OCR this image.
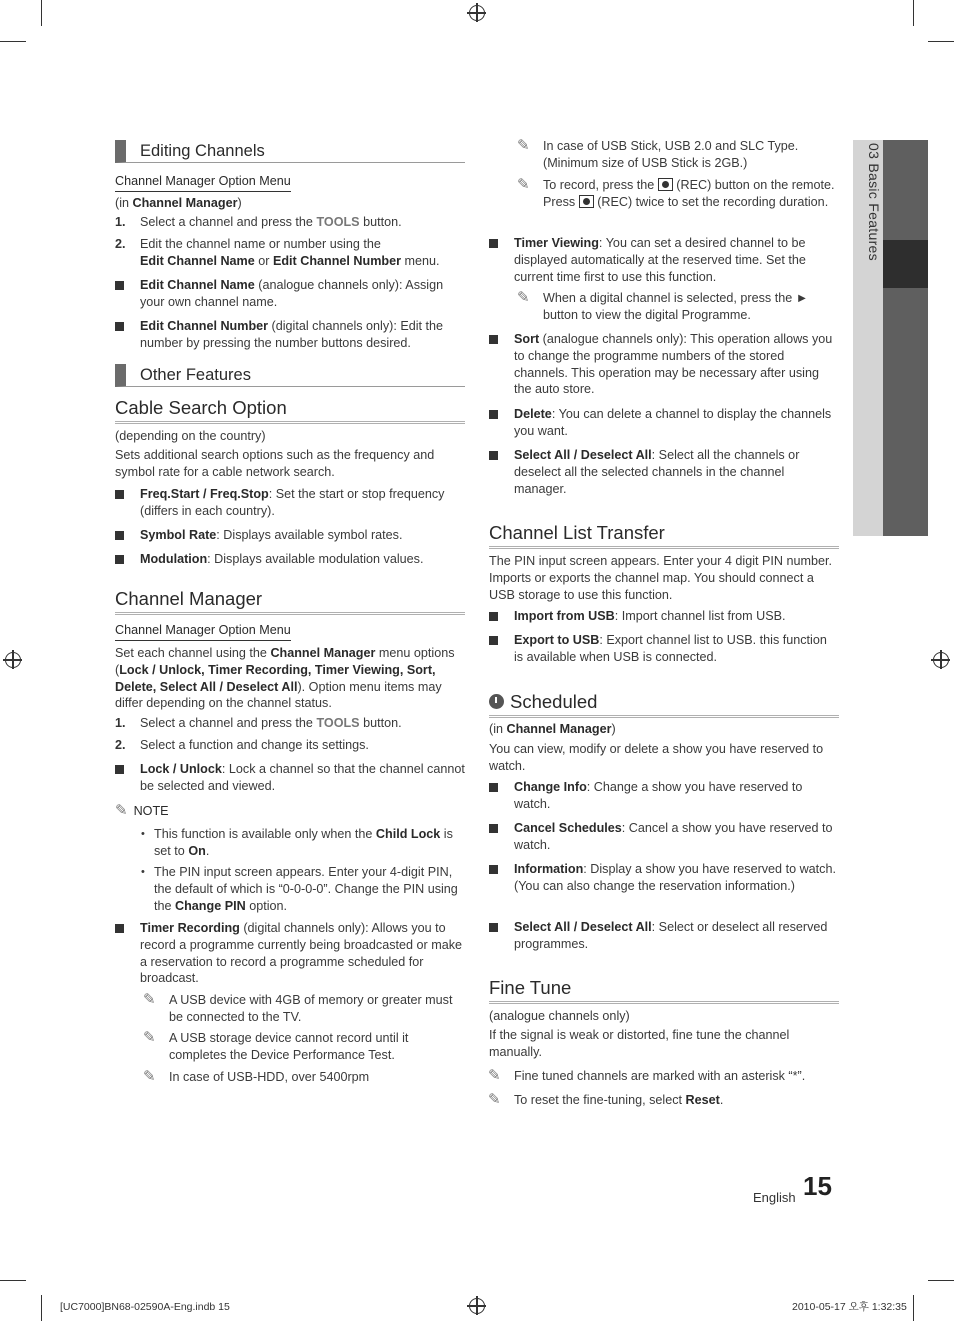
03 Basic Features
Editing Channels
Channel Manager Option Menu
(in Channel Manager)
1. Select a channel and press the TOOLS button.
2. Edit the channel name or number using the
Edit Channel Name or Edit Channel Number menu.
Edit Channel Name (analogue channels only): Assign your own channel name.
Edit Channel Number (digital channels only): Edit the number by pressing the number buttons desired.
Other Features
Cable Search Option
(depending on the country)
Sets additional search options such as the frequency and symbol rate for a cable network search.
Freq.Start / Freq.Stop: Set the start or stop frequency (differs in each country).
Symbol Rate: Displays available symbol rates.
Modulation: Displays available modulation values.
Channel Manager
Channel Manager Option Menu
Set each channel using the Channel Manager menu options (Lock / Unlock, Timer Recording, Timer Viewing, Sort, Delete, Select All / Deselect All). Option menu items may differ depending on the channel status.
1. Select a channel and press the TOOLS button.
2. Select a function and change its settings.
Lock / Unlock: Lock a channel so that the channel cannot be selected and viewed.
✎ NOTE
• This function is available only when the Child Lock is set to On.
• The PIN input screen appears. Enter your 4-digit PIN, the default of which is “0-0-0-0”. Change the PIN using the Change PIN option.
Timer Recording (digital channels only): Allows you to record a programme currently being broadcasted or make a reservation to record a programme scheduled for broadcast.
✎ A USB device with 4GB of memory or greater must be connected to the TV.
✎ A USB storage device cannot record until it completes the Device Performance Test.
✎ In case of USB-HDD, over 5400rpm
✎ In case of USB Stick, USB 2.0 and SLC Type. (Minimum size of USB Stick is 2GB.)
✎ To record, press the  (REC) button on the remote. Press  (REC) twice to set the recording duration.
Timer Viewing: You can set a desired channel to be displayed automatically at the reserved time. Set the current time first to use this function.
✎ When a digital channel is selected, press the ► button to view the digital Programme.
Sort (analogue channels only): This operation allows you to change the programme numbers of the stored channels. This operation may be necessary after using the auto store.
Delete: You can delete a channel to display the channels you want.
Select All / Deselect All: Select all the channels or deselect all the selected channels in the channel manager.
Channel List Transfer
The PIN input screen appears. Enter your 4 digit PIN number. Imports or exports the channel map. You should connect a USB storage to use this function.
Import from USB: Import channel list from USB.
Export to USB: Export channel list to USB. this function is available when USB is connected.
Scheduled
(in Channel Manager)
You can view, modify or delete a show you have reserved to watch.
Change Info: Change a show you have reserved to watch.
Cancel Schedules: Cancel a show you have reserved to watch.
Information: Display a show you have reserved to watch. (You can also change the reservation information.)
Select All / Deselect All: Select or deselect all reserved programmes.
Fine Tune
(analogue channels only)
If the signal is weak or distorted, fine tune the channel manually.
✎ Fine tuned channels are marked with an asterisk “*”.
✎ To reset the fine-tuning, select Reset.
English 15
[UC7000]BN68-02590A-Eng.indb 15	2010-05-17 오후 1:32:35
